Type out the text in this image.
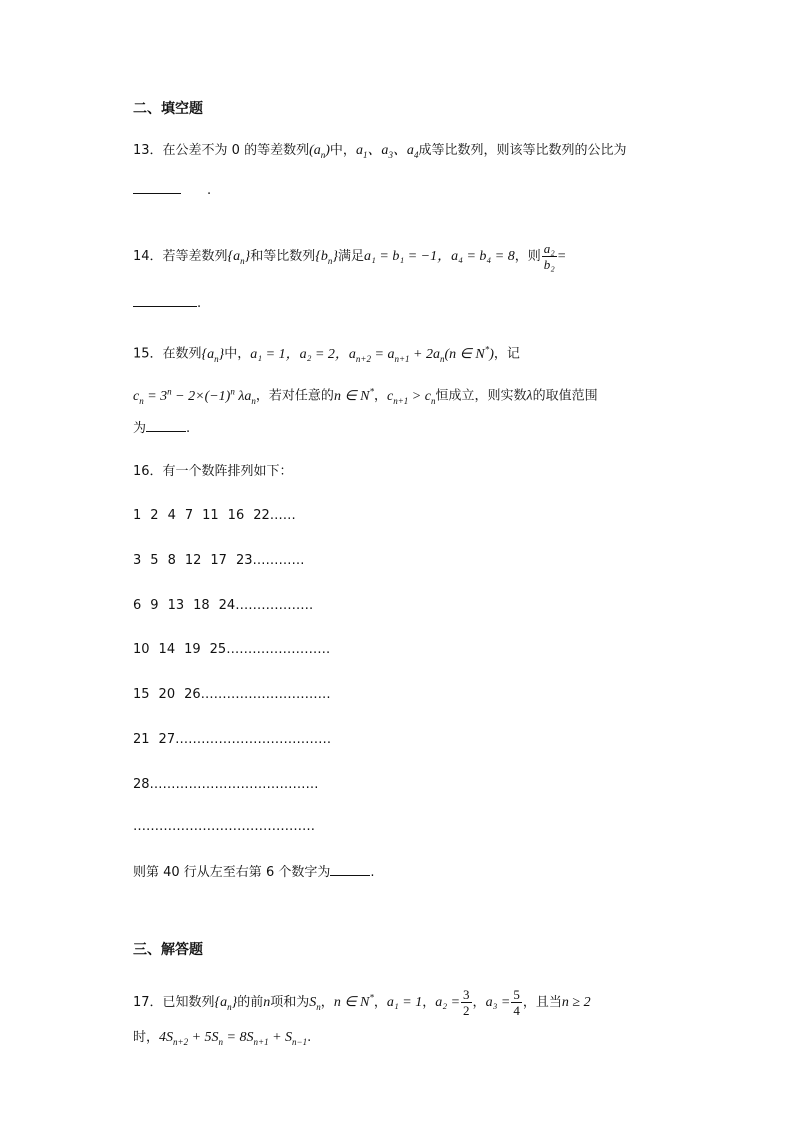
二、填空题
13．在公差不为 0 的等差数列$(a_n)$中，$a_1$、$a_3$、$a_4$成等比数列，则该等比数列的公比为
.
14．若等差数列$\{a_n\}$和等比数列$\{b_n\}$满足a₁ = b₁ = −1，a₄ = b₄ = 8，则 $\frac{\text{a₂}}{\text{b₂}}$ =
.
15．在数列$\{a_n\}$中，a₁ = 1，a₂ = 2，$a_{n+2} = a_{n+1} + 2a_n(n$ ∈ N*)，记
$c_n = 3^n - 2\times(-1)^n$ $\lambda a_n$，若对任意的n ∈ N*，$c_{n+1} > c_n$恒成立，则实数λ的取值范围
为	.
16．有一个数阵排列如下：
1 2 4 7 11 16 22……
3 5 8 12 17 23…………
6 9 13 18 24………………
10 14 19 25……………………
15 20 26…………………………
21 27………………………………
28…………………………………
……………………………………
则第 40 行从左至右第 6 个数字为	.
三、解答题
17．已知数列$\{a_n\}$的前n项和为$S_n$，n ∈ N*，a₁ = 1，$a_2 = \frac{3}{2}$ ，$a_3 = \frac{5}{4}$ ，且当n ≥ 2
时，$4S_{n+2} + 5S_n = 8S_{n+1} + S_{n-1}$.
